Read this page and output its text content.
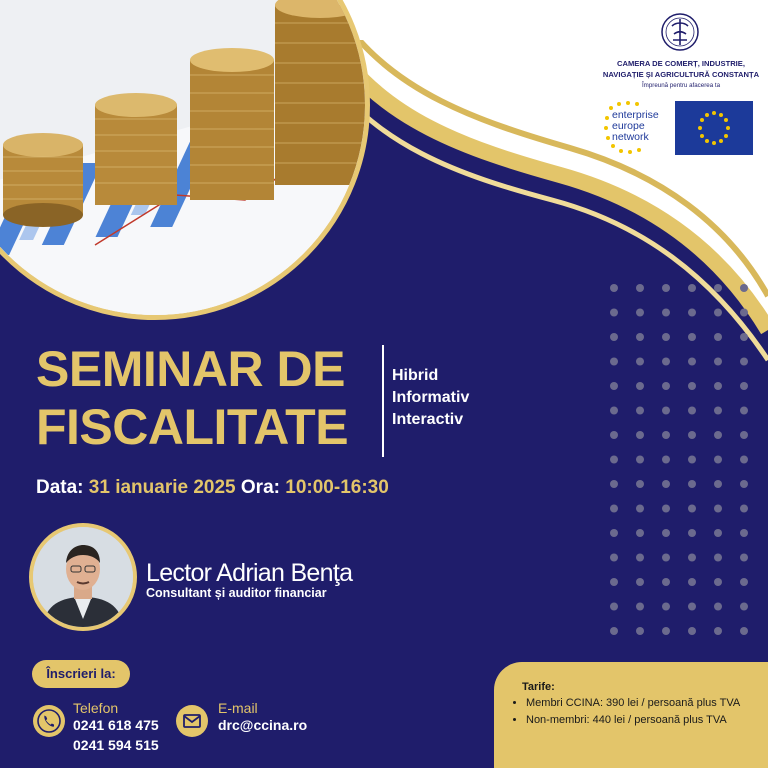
CAMERA DE COMERȚ, INDUSTRIE, NAVIGAȚIE ȘI AGRICULTURĂ CONSTANȚA
Împreună pentru afacerea ta
enterprise europe network
SEMINAR DE
FISCALITATE
Hibrid
Informativ
Interactiv
Data: 31 ianuarie 2025 Ora: 10:00-16:30
Lector Adrian Benţa
Consultant și auditor financiar
Înscrieri la:
Telefon
0241 618 475
0241 594 515
E-mail
drc@ccina.ro
Tarife:
• Membri CCINA: 390 lei / persoană plus TVA
• Non-membri: 440 lei / persoană plus TVA
